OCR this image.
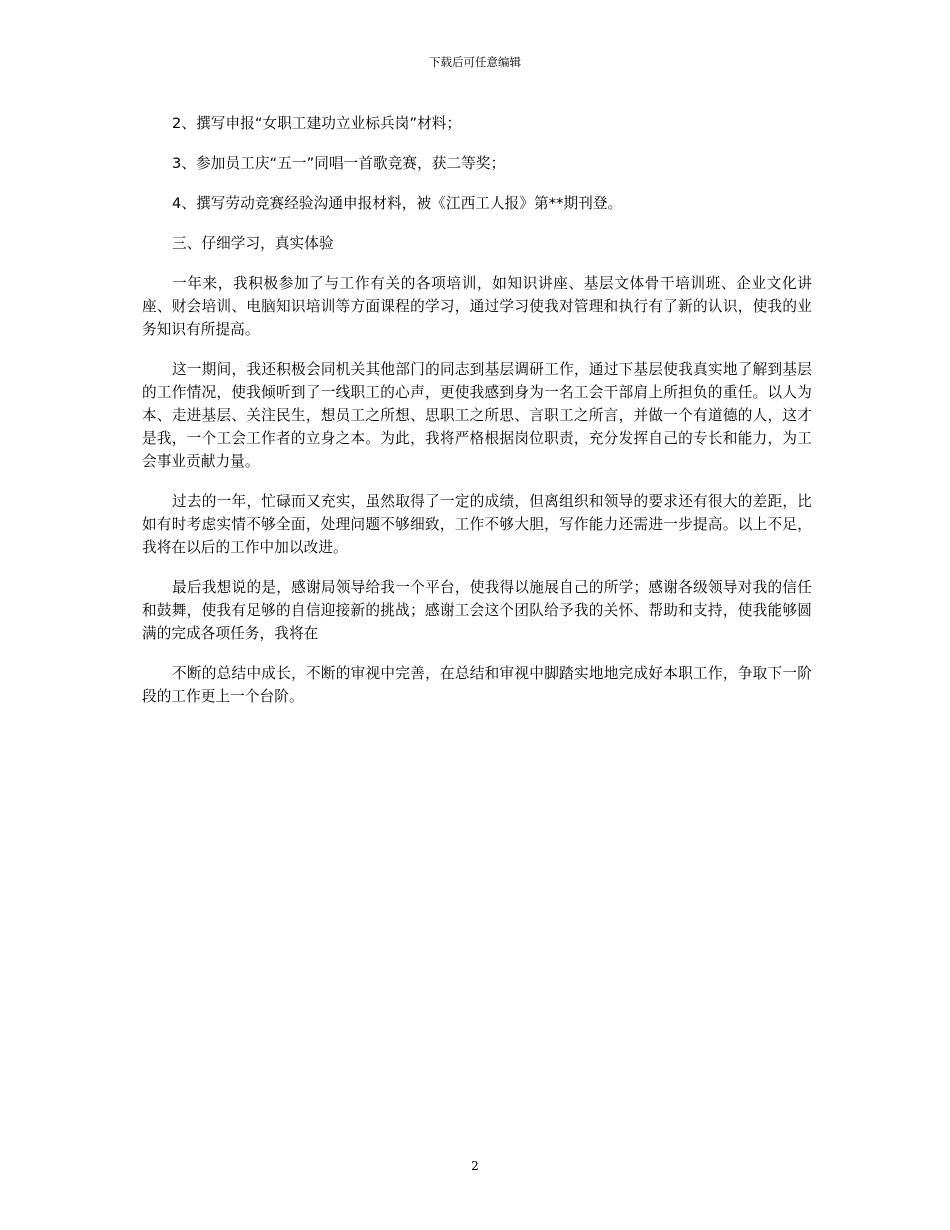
下载后可任意编辑

2、撰写申报“女职工建功立业标兵岗”材料；

3、参加员工庆“五一”同唱一首歌竞赛，获二等奖；

4、撰写劳动竞赛经验沟通申报材料，被《江西工人报》第**期刊登。

三、仔细学习，真实体验

一年来，我积极参加了与工作有关的各项培训，如知识讲座、基层文体骨干培训班、企业文化讲座、财会培训、电脑知识培训等方面课程的学习，通过学习使我对管理和执行有了新的认识，使我的业务知识有所提高。

这一期间，我还积极会同机关其他部门的同志到基层调研工作，通过下基层使我真实地了解到基层的工作情况，使我倾听到了一线职工的心声，更使我感到身为一名工会干部肩上所担负的重任。以人为本、走进基层、关注民生，想员工之所想、思职工之所思、言职工之所言，并做一个有道德的人，这才是我，一个工会工作者的立身之本。为此，我将严格根据岗位职责，充分发挥自己的专长和能力，为工会事业贡献力量。

过去的一年，忙碌而又充实，虽然取得了一定的成绩，但离组织和领导的要求还有很大的差距，比如有时考虑实情不够全面，处理问题不够细致，工作不够大胆，写作能力还需进一步提高。以上不足，我将在以后的工作中加以改进。

最后我想说的是，感谢局领导给我一个平台，使我得以施展自己的所学；感谢各级领导对我的信任和鼓舞，使我有足够的自信迎接新的挑战；感谢工会这个团队给予我的关怀、帮助和支持，使我能够圆满的完成各项任务，我将在

不断的总结中成长，不断的审视中完善，在总结和审视中脚踏实地地完成好本职工作，争取下一阶段的工作更上一个台阶。

2
